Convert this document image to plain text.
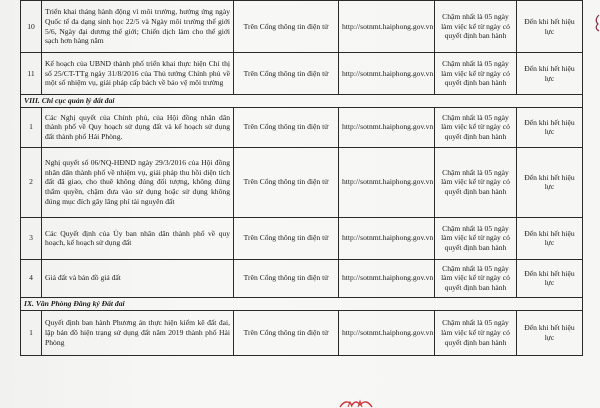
10	Triển khai tháng hành động vì môi trường, hưởng ứng ngày Quốc tế đa dạng sinh học 22/5 và Ngày môi trường thế giới 5/6, Ngày đại dương thế giới; Chiến dịch làm cho thế giới sạch hơn hàng năm	Trên Cổng thông tin điện tử	http://sotnmt.haiphong.gov.vn	Chậm nhất là 05 ngày làm việc kể từ ngày có quyết định ban hành	Đến khi hết hiệu lực
11	Kế hoạch của UBND thành phố triển khai thực hiện Chỉ thị số 25/CT-TTg ngày 31/8/2016 của Thủ tướng Chính phủ về một số nhiệm vụ, giải pháp cấp bách về bảo vệ môi trường	Trên Cổng thông tin điện tử	http://sotnmt.haiphong.gov.vn	Chậm nhất là 05 ngày làm việc kể từ ngày có quyết định ban hành	Đến khi hết hiệu lực
VIII. Chi cục quản lý đất đai					
1	Các Nghị quyết của Chính phủ, của Hội đồng nhân dân thành phố về Quy hoạch sử dụng đất và kế hoạch sử dụng đất thành phố Hải Phòng.	Trên Cổng thông tin điện tử	http://sotnmt.haiphong.gov.vn	Chậm nhất là 05 ngày làm việc kể từ ngày có quyết định ban hành	Đến khi hết hiệu lực
2	Nghị quyết số 06/NQ-HĐND ngày 29/3/2016 của Hội đồng nhân dân thành phố về nhiệm vụ, giải pháp thu hồi diện tích đất đã giao, cho thuê không đúng đối tượng, không đúng thẩm quyền, chậm đưa vào sử dụng hoặc sử dụng không đúng mục đích gây lãng phí tài nguyên đất	Trên Cổng thông tin điện tử	http://sotnmt.haiphong.gov.vn	Chậm nhất là 05 ngày làm việc kể từ ngày có quyết định ban hành	Đến khi hết hiệu lực
3	Các Quyết định của Ủy ban nhân dân thành phố về quy hoạch, kế hoạch sử dụng đất	Trên Cổng thông tin điện tử	http://sotnmt.haiphong.gov.vn	Chậm nhất là 05 ngày làm việc kể từ ngày có quyết định ban hành	Đến khi hết hiệu lực
4	Giá đất và bản đồ giá đất	Trên Cổng thông tin điện tử	http://sotnmt.haiphong.gov.vn	Chậm nhất là 05 ngày làm việc kể từ ngày có quyết định ban hành	Đến khi hết hiệu lực
IX. Văn Phòng Đăng ký Đất đai					
1	Quyết định ban hành Phương án thực hiện kiểm kê đất đai, lập bản đồ hiện trạng sử dụng đất năm 2019 thành phố Hải Phòng	Trên Cổng thông tin điện tử	http://sotnmt.haiphong.gov.vn	Chậm nhất là 05 ngày làm việc kể từ ngày có quyết định ban hành	Đến khi hết hiệu lực
